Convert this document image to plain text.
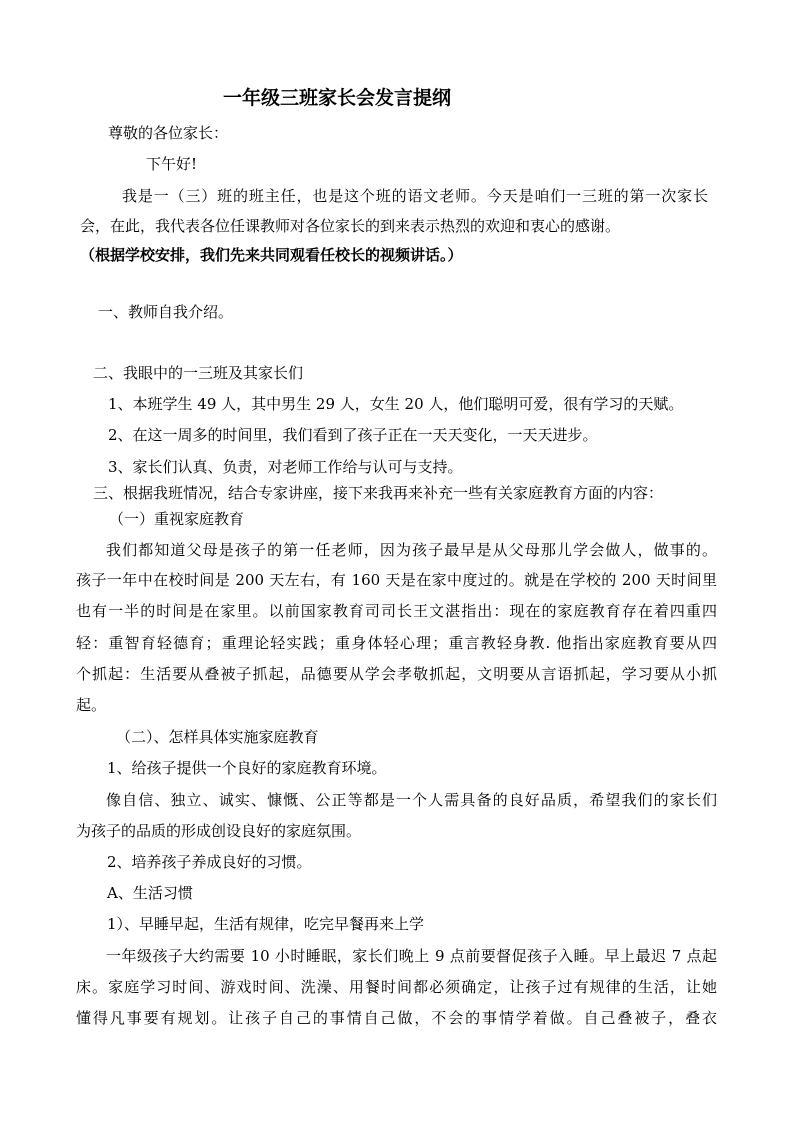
一年级三班家长会发言提纲
尊敬的各位家长：
下午好!
我是一（三）班的班主任，也是这个班的语文老师。今天是咱们一三班的第一次家长
会，在此，我代表各位任课教师对各位家长的到来表示热烈的欢迎和衷心的感谢。
（根据学校安排，我们先来共同观看任校长的视频讲话。）
一、教师自我介绍。
二、我眼中的一三班及其家长们
1、本班学生 49 人，其中男生 29 人，女生 20 人，他们聪明可爱，很有学习的天赋。
2、在这一周多的时间里，我们看到了孩子正在一天天变化，一天天进步。
3、家长们认真、负责，对老师工作给与认可与支持。
三、根据我班情况，结合专家讲座，接下来我再来补充一些有关家庭教育方面的内容：
（一）重视家庭教育
我们都知道父母是孩子的第一任老师，因为孩子最早是从父母那儿学会做人，做事的。
孩子一年中在校时间是 200 天左右，有 160 天是在家中度过的。就是在学校的 200 天时间里
也有一半的时间是在家里。以前国家教育司司长王文湛指出：现在的家庭教育存在着四重四
轻：重智育轻德育；重理论轻实践；重身体轻心理；重言教轻身教. 他指出家庭教育要从四
个抓起：生活要从叠被子抓起，品德要从学会孝敬抓起，文明要从言语抓起，学习要从小抓
起。
（二）、怎样具体实施家庭教育
1、给孩子提供一个良好的家庭教育环境。
像自信、独立、诚实、慷慨、公正等都是一个人需具备的良好品质，希望我们的家长们
为孩子的品质的形成创设良好的家庭氛围。
2、培养孩子养成良好的习惯。
A、生活习惯
1）、早睡早起，生活有规律，吃完早餐再来上学
一年级孩子大约需要 10 小时睡眠，家长们晚上 9 点前要督促孩子入睡。早上最迟 7 点起
床。家庭学习时间、游戏时间、洗澡、用餐时间都必须确定，让孩子过有规律的生活，让她
懂得凡事要有规划。让孩子自己的事情自己做，不会的事情学着做。自己叠被子，叠衣
